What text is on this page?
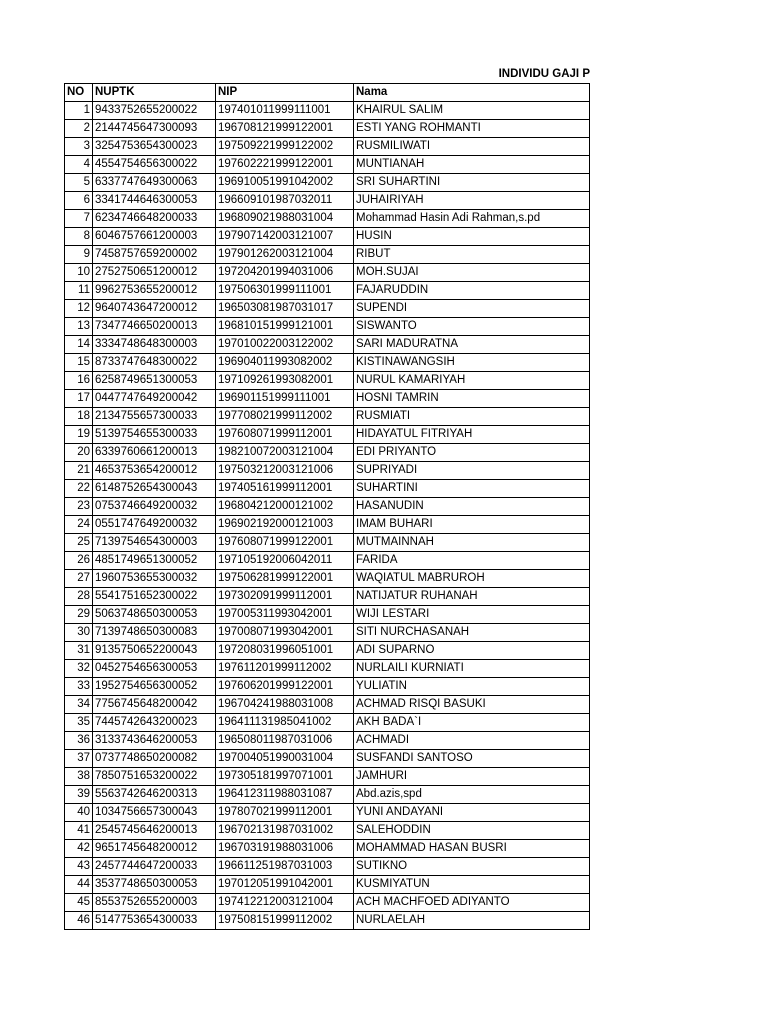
INDIVIDU GAJI P
NO	NUPTK	NIP	Nama
1	9433752655200022	197401011999111001	KHAIRUL SALIM
2	2144745647300093	196708121999122001	ESTI YANG ROHMANTI
3	3254753654300023	197509221999122002	RUSMILIWATI
4	4554754656300022	197602221999122001	MUNTIANAH
5	6337747649300063	196910051991042002	SRI SUHARTINI
6	3341744646300053	196609101987032011	JUHAIRIYAH
7	6234746648200033	196809021988031004	Mohammad Hasin Adi Rahman,s.pd
8	6046757661200003	197907142003121007	HUSIN
9	7458757659200002	197901262003121004	RIBUT
10	2752750651200012	197204201994031006	MOH.SUJAI
11	9962753655200012	197506301999111001	FAJARUDDIN
12	9640743647200012	196503081987031017	SUPENDI
13	7347746650200013	196810151999121001	SISWANTO
14	3334748648300003	197010022003122002	SARI MADURATNA
15	8733747648300022	196904011993082002	KISTINAWANGSIH
16	6258749651300053	197109261993082001	NURUL KAMARIYAH
17	0447747649200042	196901151999111001	HOSNI TAMRIN
18	2134755657300033	197708021999112002	RUSMIATI
19	5139754655300033	197608071999112001	HIDAYATUL FITRIYAH
20	6339760661200013	198210072003121004	EDI PRIYANTO
21	4653753654200012	197503212003121006	SUPRIYADI
22	6148752654300043	197405161999112001	SUHARTINI
23	0753746649200032	196804212000121002	HASANUDIN
24	0551747649200032	196902192000121003	IMAM BUHARI
25	7139754654300003	197608071999122001	MUTMAINNAH
26	4851749651300052	197105192006042011	FARIDA
27	1960753655300032	197506281999122001	WAQIATUL MABRUROH
28	5541751652300022	197302091999112001	NATIJATUR RUHANAH
29	5063748650300053	197005311993042001	WIJI LESTARI
30	7139748650300083	197008071993042001	SITI NURCHASANAH
31	9135750652200043	197208031996051001	ADI SUPARNO
32	0452754656300053	197611201999112002	NURLAILI KURNIATI
33	1952754656300052	197606201999122001	YULIATIN
34	7756745648200042	196704241988031008	ACHMAD RISQI BASUKI
35	7445742643200023	196411131985041002	AKH BADA`I
36	3133743646200053	196508011987031006	ACHMADI
37	0737748650200082	197004051990031004	SUSFANDI SANTOSO
38	7850751653200022	197305181997071001	JAMHURI
39	5563742646200313	196412311988031087	Abd.azis,spd
40	1034756657300043	197807021999112001	YUNI ANDAYANI
41	2545745646200013	196702131987031002	SALEHODDIN
42	9651745648200012	196703191988031006	MOHAMMAD HASAN BUSRI
43	2457744647200033	196611251987031003	SUTIKNO
44	3537748650300053	197012051991042001	KUSMIYATUN
45	8553752655200003	197412212003121004	ACH MACHFOED ADIYANTO
46	5147753654300033	197508151999112002	NURLAELAH
